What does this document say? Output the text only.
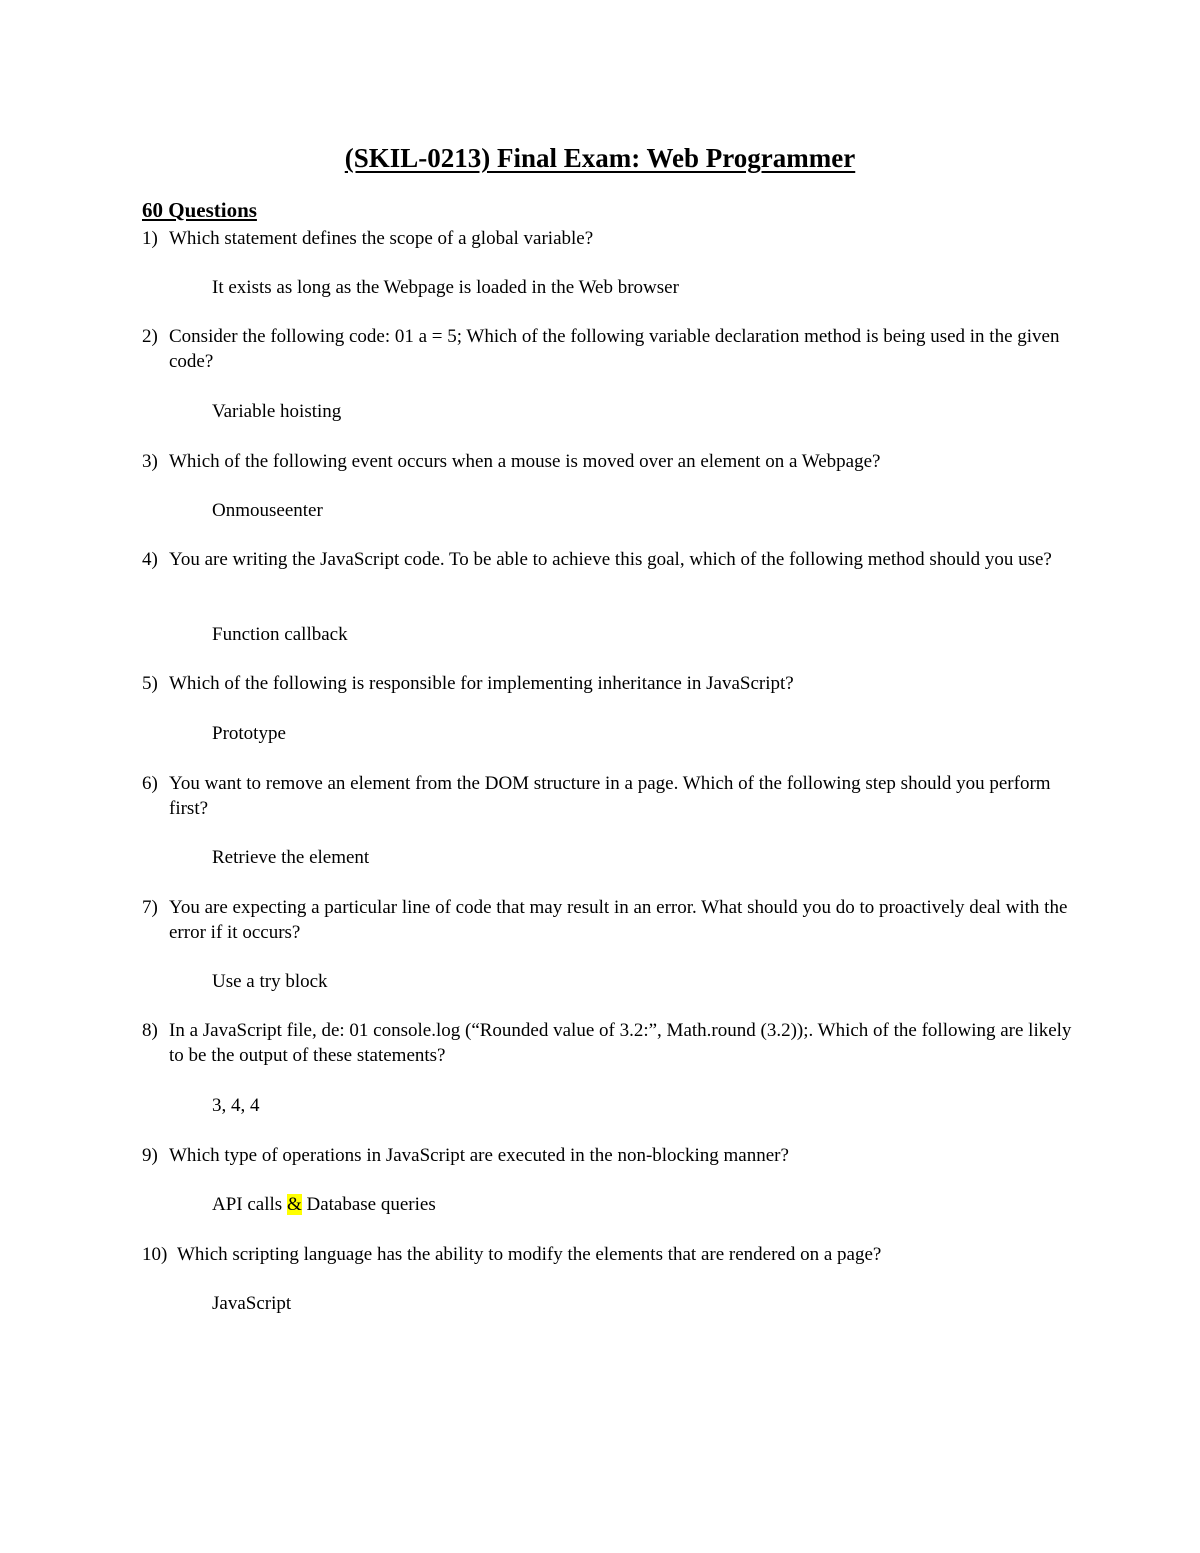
(SKIL-0213) Final Exam: Web Programmer
60 Questions
1) Which statement defines the scope of a global variable?
It exists as long as the Webpage is loaded in the Web browser
2) Consider the following code: 01 a = 5; Which of the following variable declaration method is being used in the given code?
Variable hoisting
3) Which of the following event occurs when a mouse is moved over an element on a Webpage?
Onmouseenter
4) You are writing the JavaScript code. To be able to achieve this goal, which of the following method should you use?
Function callback
5) Which of the following is responsible for implementing inheritance in JavaScript?
Prototype
6) You want to remove an element from the DOM structure in a page. Which of the following step should you perform first?
Retrieve the element
7) You are expecting a particular line of code that may result in an error. What should you do to proactively deal with the error if it occurs?
Use a try block
8) In a JavaScript file, de: 01 console.log (“Rounded value of 3.2:”, Math.round (3.2));. Which of the following are likely to be the output of these statements?
3, 4, 4
9) Which type of operations in JavaScript are executed in the non-blocking manner?
API calls & Database queries
10) Which scripting language has the ability to modify the elements that are rendered on a page?
JavaScript
